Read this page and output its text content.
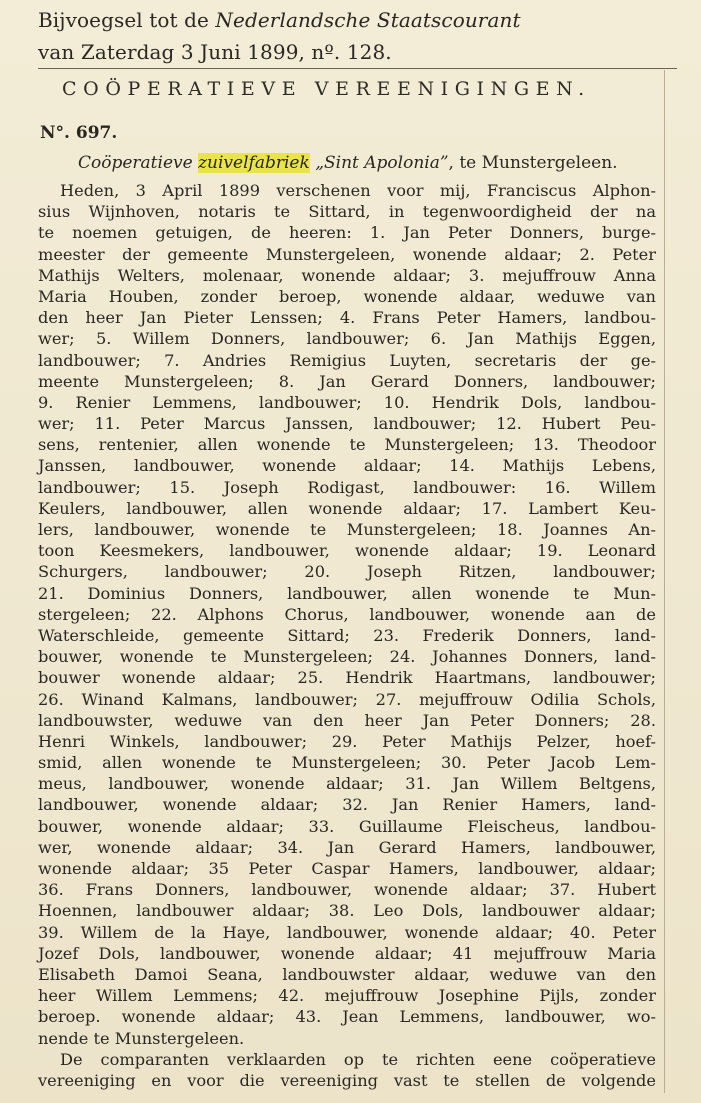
Bijvoegsel tot de Nederlandsche Staatscourant
van Zaterdag 3 Juni 1899, nº. 128.
COÖPERATIEVE VEREENIGINGEN.
N°. 697.
Coöperatieve zuivelfabriek „Sint Apolonia”, te Munstergeleen.
Heden, 3 April 1899 verschenen voor mij, Franciscus Alphon-
sius Wijnhoven, notaris te Sittard, in tegenwoordigheid der na
te noemen getuigen, de heeren: 1. Jan Peter Donners, burge-
meester der gemeente Munstergeleen, wonende aldaar; 2. Peter
Mathijs Welters, molenaar, wonende aldaar; 3. mejuffrouw Anna
Maria Houben, zonder beroep, wonende aldaar, weduwe van
den heer Jan Pieter Lenssen; 4. Frans Peter Hamers, landbou-
wer; 5. Willem Donners, landbouwer; 6. Jan Mathijs Eggen,
landbouwer; 7. Andries Remigius Luyten, secretaris der ge-
meente Munstergeleen; 8. Jan Gerard Donners, landbouwer;
9. Renier Lemmens, landbouwer; 10. Hendrik Dols, landbou-
wer; 11. Peter Marcus Janssen, landbouwer; 12. Hubert Peu-
sens, rentenier, allen wonende te Munstergeleen; 13. Theodoor
Janssen, landbouwer, wonende aldaar; 14. Mathijs Lebens,
landbouwer; 15. Joseph Rodigast, landbouwer: 16. Willem
Keulers, landbouwer, allen wonende aldaar; 17. Lambert Keu-
lers, landbouwer, wonende te Munstergeleen; 18. Joannes An-
toon Keesmekers, landbouwer, wonende aldaar; 19. Leonard
Schurgers, landbouwer; 20. Joseph Ritzen, landbouwer;
21. Dominius Donners, landbouwer, allen wonende te Mun-
stergeleen; 22. Alphons Chorus, landbouwer, wonende aan de
Waterschleide, gemeente Sittard; 23. Frederik Donners, land-
bouwer, wonende te Munstergeleen; 24. Johannes Donners, land-
bouwer wonende aldaar; 25. Hendrik Haartmans, landbouwer;
26. Winand Kalmans, landbouwer; 27. mejuffrouw Odilia Schols,
landbouwster, weduwe van den heer Jan Peter Donners; 28.
Henri Winkels, landbouwer; 29. Peter Mathijs Pelzer, hoef-
smid, allen wonende te Munstergeleen; 30. Peter Jacob Lem-
meus, landbouwer, wonende aldaar; 31. Jan Willem Beltgens,
landbouwer, wonende aldaar; 32. Jan Renier Hamers, land-
bouwer, wonende aldaar; 33. Guillaume Fleischeus, landbou-
wer, wonende aldaar; 34. Jan Gerard Hamers, landbouwer,
wonende aldaar; 35 Peter Caspar Hamers, landbouwer, aldaar;
36. Frans Donners, landbouwer, wonende aldaar; 37. Hubert
Hoennen, landbouwer aldaar; 38. Leo Dols, landbouwer aldaar;
39. Willem de la Haye, landbouwer, wonende aldaar; 40. Peter
Jozef Dols, landbouwer, wonende aldaar; 41 mejuffrouw Maria
Elisabeth Damoi Seana, landbouwster aldaar, weduwe van den
heer Willem Lemmens; 42. mejuffrouw Josephine Pijls, zonder
beroep. wonende aldaar; 43. Jean Lemmens, landbouwer, wo-
nende te Munstergeleen.
De comparanten verklaarden op te richten eene coöperatieve
vereeniging en voor die vereeniging vast te stellen de volgende
